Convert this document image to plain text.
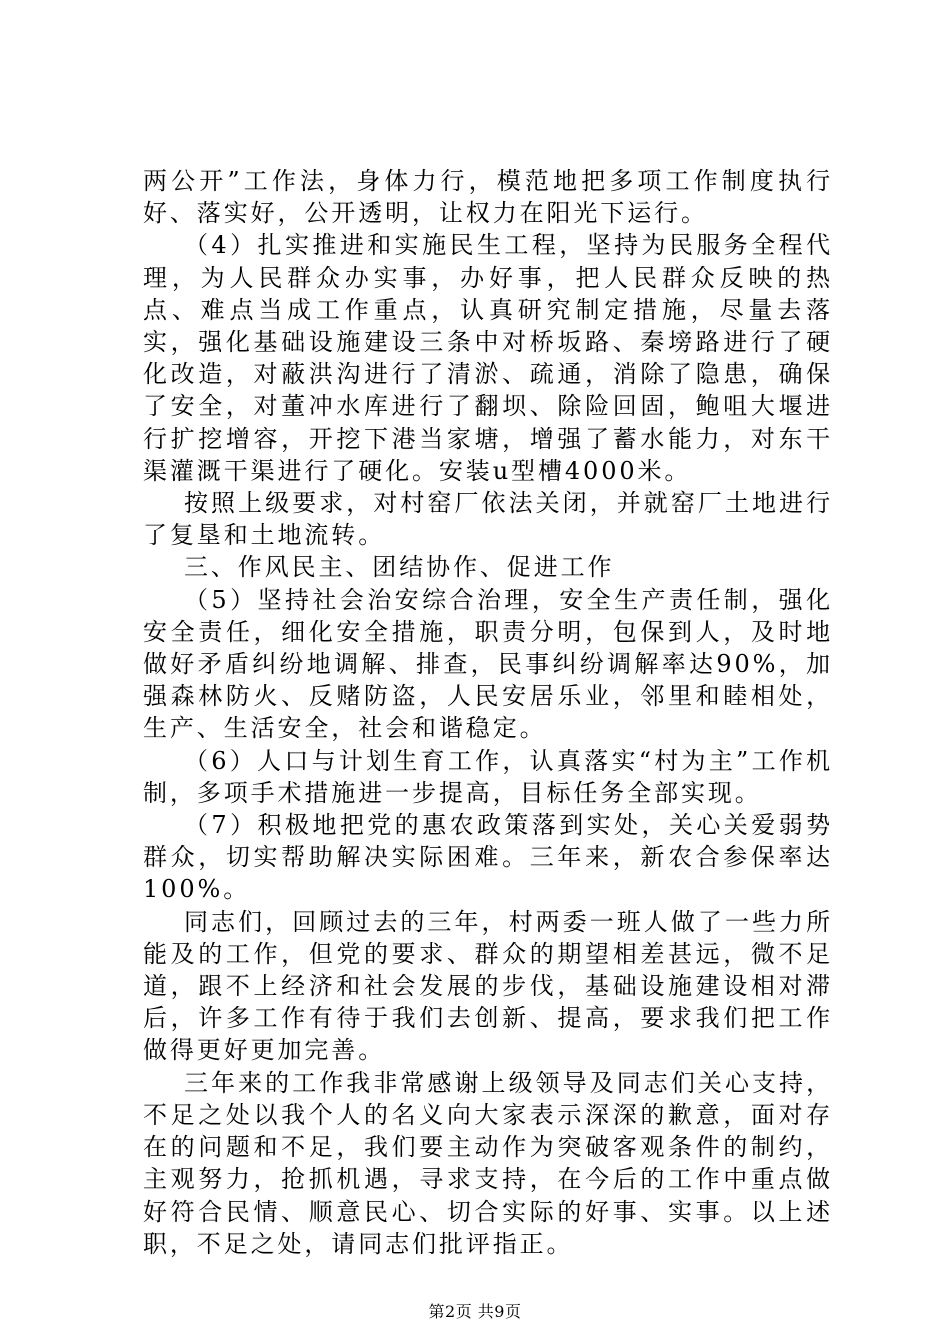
两公开”工作法，身体力行，模范地把多项工作制度执行好、落实好，公开透明，让权力在阳光下运行。

（4）扎实推进和实施民生工程，坚持为民服务全程代理，为人民群众办实事，办好事，把人民群众反映的热点、难点当成工作重点，认真研究制定措施，尽量去落实，强化基础设施建设三条中对桥坂路、秦塝路进行了硬化改造，对蔽洪沟进行了清淤、疏通，消除了隐患，确保了安全，对董冲水库进行了翻坝、除险回固，鲍咀大堰进行扩挖增容，开挖下港当家塘，增强了蓄水能力，对东干渠灌溉干渠进行了硬化。安装u型槽4000米。

按照上级要求，对村窑厂依法关闭，并就窑厂土地进行了复垦和土地流转。

三、作风民主、团结协作、促进工作

（5）坚持社会治安综合治理，安全生产责任制，强化安全责任，细化安全措施，职责分明，包保到人，及时地做好矛盾纠纷地调解、排查，民事纠纷调解率达90%，加强森林防火、反赌防盗，人民安居乐业，邻里和睦相处，生产、生活安全，社会和谐稳定。

（6）人口与计划生育工作，认真落实“村为主”工作机制，多项手术措施进一步提高，目标任务全部实现。

（7）积极地把党的惠农政策落到实处，关心关爱弱势群众，切实帮助解决实际困难。三年来，新农合参保率达100%。

同志们，回顾过去的三年，村两委一班人做了一些力所能及的工作，但党的要求、群众的期望相差甚远，微不足道，跟不上经济和社会发展的步伐，基础设施建设相对滞后，许多工作有待于我们去创新、提高，要求我们把工作做得更好更加完善。

三年来的工作我非常感谢上级领导及同志们关心支持，不足之处以我个人的名义向大家表示深深的歉意，面对存在的问题和不足，我们要主动作为突破客观条件的制约，主观努力，抢抓机遇，寻求支持，在今后的工作中重点做好符合民情、顺意民心、切合实际的好事、实事。以上述职，不足之处，请同志们批评指正。

第2页 共9页
